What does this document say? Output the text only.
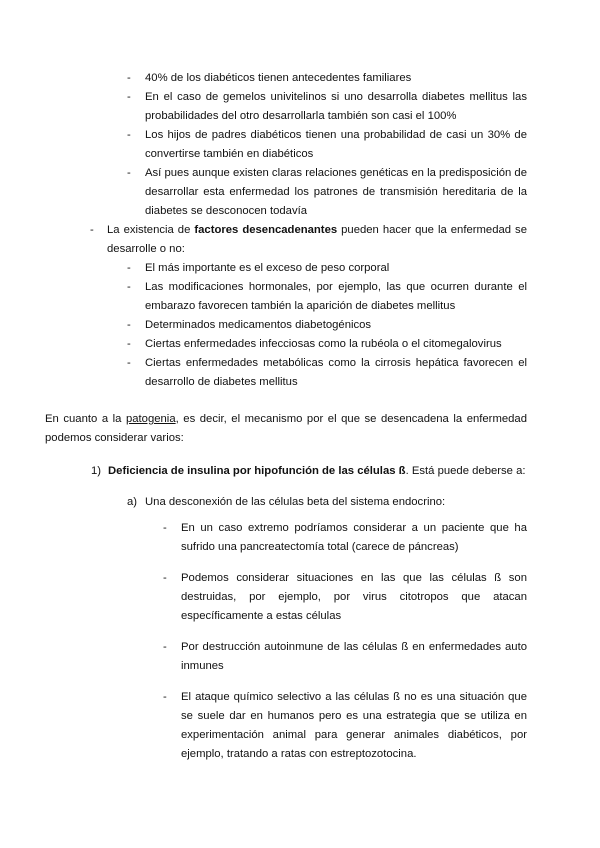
- 40% de los diabéticos tienen antecedentes familiares
- En el caso de gemelos univitelinos si uno desarrolla diabetes mellitus las probabilidades del otro desarrollarla también son casi el 100%
- Los hijos de padres diabéticos tienen una probabilidad de casi un 30% de convertirse también en diabéticos
- Así pues aunque existen claras relaciones genéticas en la predisposición de desarrollar esta enfermedad los patrones de transmisión hereditaria de la diabetes se desconocen todavía
- La existencia de factores desencadenantes pueden hacer que la enfermedad se desarrolle o no:
- El más importante es el exceso de peso corporal
- Las modificaciones hormonales, por ejemplo, las que ocurren durante el embarazo favorecen también la aparición de diabetes mellitus
- Determinados medicamentos diabetogénicos
- Ciertas enfermedades infecciosas como la rubéola o el citomegalovirus
- Ciertas enfermedades metabólicas como la cirrosis hepática favorecen el desarrollo de diabetes mellitus

En cuanto a la patogenia, es decir, el mecanismo por el que se desencadena la enfermedad podemos considerar varios:

1) Deficiencia de insulina por hipofunción de las células ß. Está puede deberse a:
a) Una desconexión de las células beta del sistema endocrino:
- En un caso extremo podríamos considerar a un paciente que ha sufrido una pancreatectomía total (carece de páncreas)
- Podemos considerar situaciones en las que las células ß son destruidas, por ejemplo, por virus citotropos que atacan específicamente a estas células
- Por destrucción autoinmune de las células ß en enfermedades auto inmunes
- El ataque químico selectivo a las células ß no es una situación que se suele dar en humanos pero es una estrategia que se utiliza en experimentación animal para generar animales diabéticos, por ejemplo, tratando a ratas con estreptozotocina.
